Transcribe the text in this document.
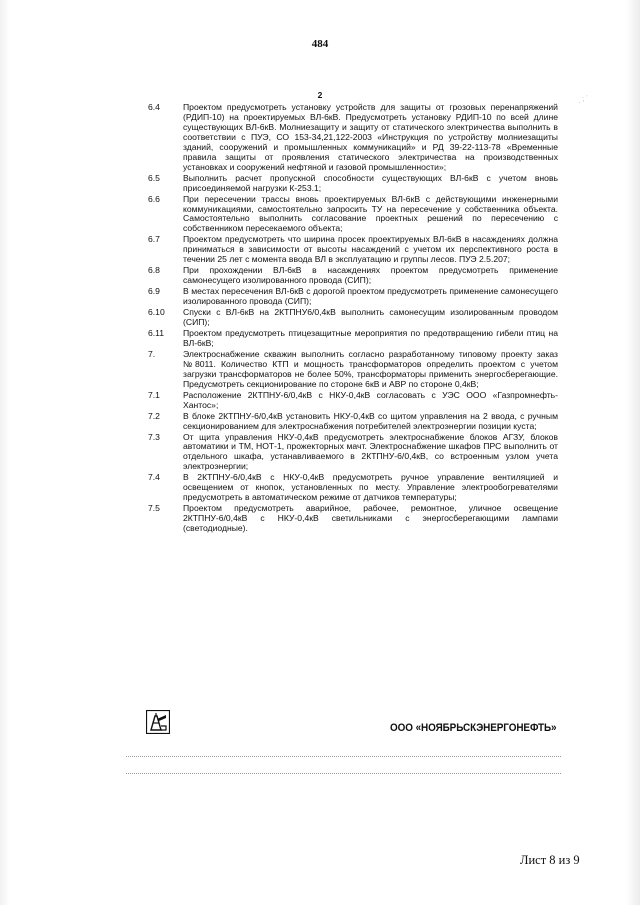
484
2	ˎ ; ˊ
6.4	Проектом предусмотреть установку устройств для защиты от грозовых перенапряжений (РДИП-10) на проектируемых ВЛ-6кВ. Предусмотреть установку РДИП-10 по всей длине существующих ВЛ-6кВ. Молниезащиту и защиту от статического электричества выполнить в соответствии с ПУЭ, СО 153-34,21,122-2003 «Инструкция по устройству молниезащиты зданий, сооружений и промышленных коммуникаций» и РД 39-22-113-78 «Временные правила защиты от проявления статического электричества на производственных установках и сооружений нефтяной и газовой промышленности»;
6.5	Выполнить расчет пропускной способности существующих ВЛ-6кВ с учетом вновь присоединяемой нагрузки К-253.1;
6.6	При пересечении трассы вновь проектируемых ВЛ-6кВ с действующими инженерными коммуникациями, самостоятельно запросить ТУ на пересечение у собственника объекта. Самостоятельно выполнить согласование проектных решений по пересечению с собственником пересекаемого объекта;
6.7	Проектом предусмотреть что ширина просек проектируемых ВЛ-6кВ в насаждениях должна приниматься в зависимости от высоты насаждений с учетом их перспективного роста в течении 25 лет с момента ввода ВЛ в эксплуатацию и группы лесов. ПУЭ 2.5.207;
6.8	При прохождении ВЛ-6кВ в насаждениях проектом предусмотреть применение самонесущего изолированного провода (СИП);
6.9	В местах пересечения ВЛ-6кВ с дорогой проектом предусмотреть применение самонесущего изолированного провода (СИП);
6.10	Спуски с ВЛ-6кВ на 2КТПНУ6/0,4кВ выполнить самонесущим изолированным проводом (СИП);
6.11	Проектом предусмотреть птицезащитные мероприятия по предотвращению гибели птиц на ВЛ-6кВ;
7.	Электроснабжение скважин выполнить согласно разработанному типовому проекту заказ №8011. Количество КТП и мощность трансформаторов определить проектом с учетом загрузки трансформаторов не более 50%, трансформаторы применить энергосберегающие. Предусмотреть секционирование по стороне 6кВ и АВР по стороне 0,4кВ;
7.1	Расположение 2КТПНУ-6/0,4кВ с НКУ-0,4кВ согласовать с УЭС ООО «Газпромнефть-Хантос»;
7.2	В блоке 2КТПНУ-6/0,4кВ установить НКУ-0,4кВ со щитом управления на 2 ввода, с ручным секционированием для электроснабжения потребителей электроэнергии позиции куста;
7.3	От щита управления НКУ-0,4кВ предусмотреть электроснабжение блоков АГЗУ, блоков автоматики и ТМ, НОТ-1, прожекторных мачт. Электроснабжение шкафов ПРС выполнить от отдельного шкафа, устанавливаемого в 2КТПНУ-6/0,4кВ, со встроенным узлом учета электроэнергии;
7.4	В 2КТПНУ-6/0,4кВ с НКУ-0,4кВ предусмотреть ручное управление вентиляцией и освещением от кнопок, установленных по месту. Управление электрообогревателями предусмотреть в автоматическом режиме от датчиков температуры;
7.5	Проектом предусмотреть аварийное, рабочее, ремонтное, уличное освещение 2КТПНУ-6/0,4кВ с НКУ-0,4кВ светильниками с энергосберегающими лампами (светодиодные).
ООО «НОЯБРЬСКЭНЕРГОНЕФТЬ»
Лист 8 из 9
